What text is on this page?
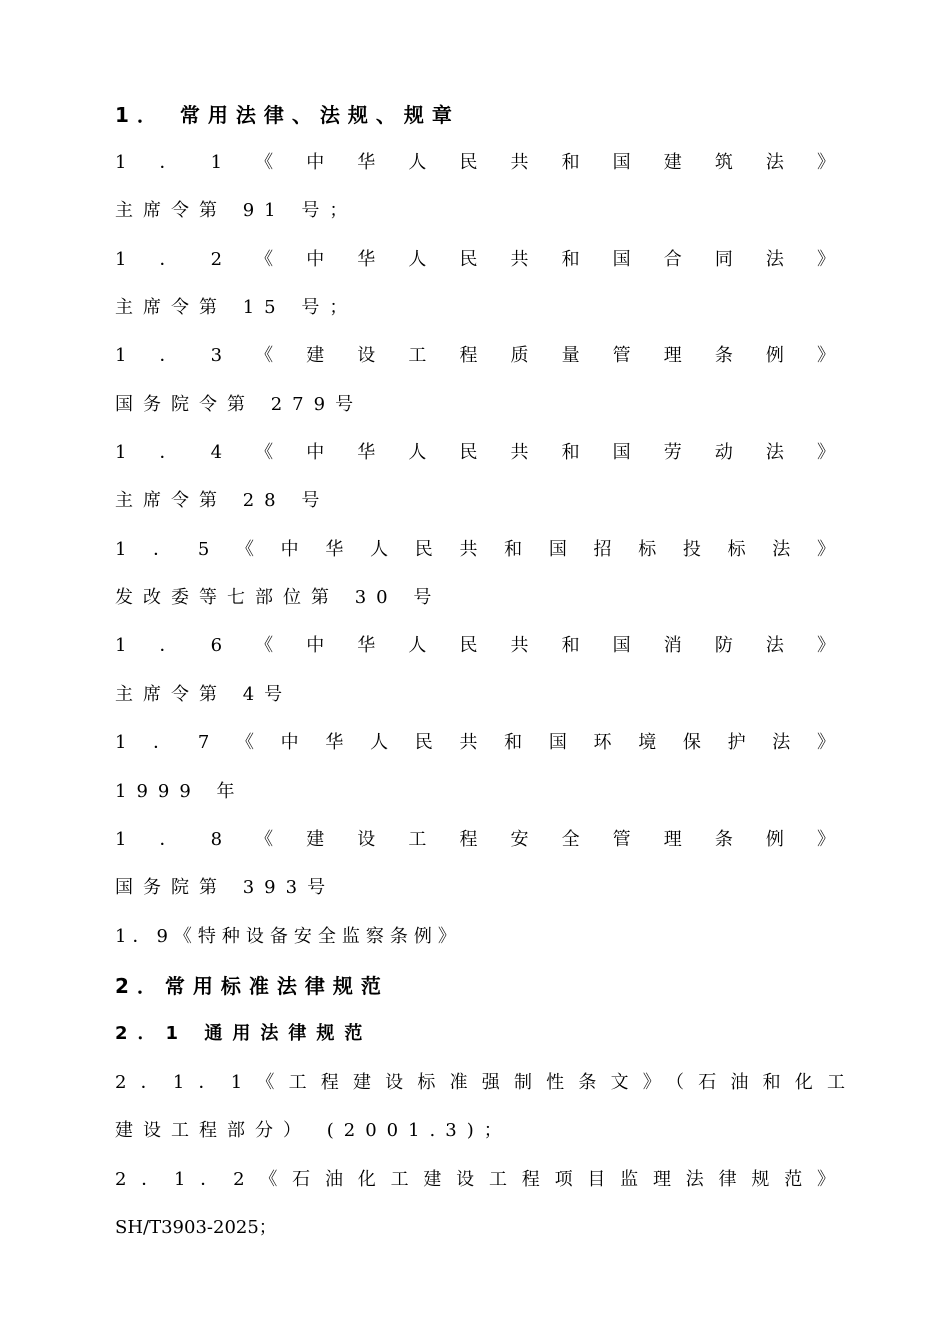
1． 常用法律、法规、规章
1．1《中华人民共和国建筑法》
主席令第 91 号；
1．2《中华人民共和国合同法》
主席令第 15 号；
1．3《建设工程质量管理条例》
国务院令第 279号
1．4《中华人民共和国劳动法》
主席令第 28 号
1．5《中华人民共和国招标投标法》
发改委等七部位第 30 号
1．6《中华人民共和国消防法》
主席令第 4号
1．7《中华人民共和国环境保护法》
1999 年
1．8《建设工程安全管理条例》
国务院第 393号
1．9《特种设备安全监察条例》
2．常用标准法律规范
2．1 通用法律规范
2．1．1《工程建设标准强制性条文》（石油和化工
建设工程部分） (2001.3)；
2．1．2《石油化工建设工程项目监理法律规范》
SH/T3903-2025；
